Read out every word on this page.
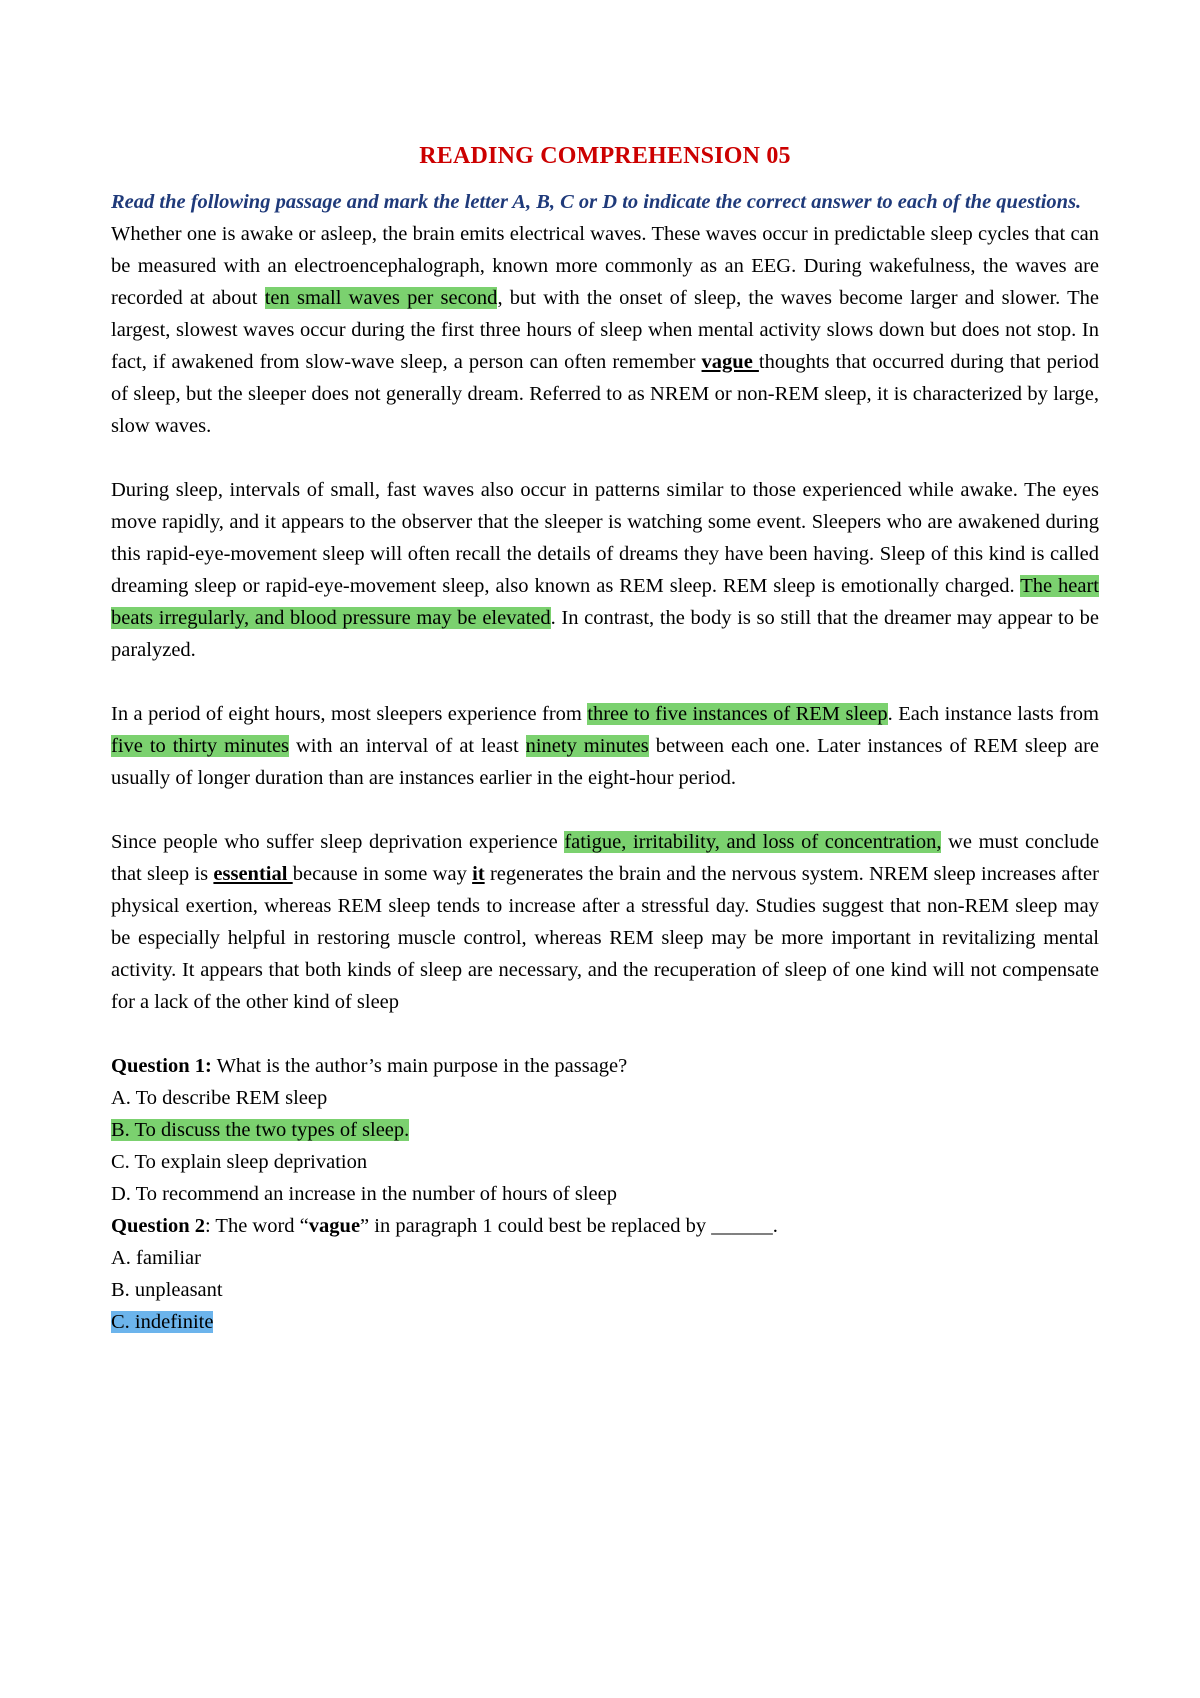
READING COMPREHENSION 05

Read the following passage and mark the letter A, B, C or D to indicate the correct answer to each of the questions.

Whether one is awake or asleep, the brain emits electrical waves. These waves occur in predictable sleep cycles that can be measured with an electroencephalograph, known more commonly as an EEG. During wakefulness, the waves are recorded at about ten small waves per second, but with the onset of sleep, the waves become larger and slower. The largest, slowest waves occur during the first three hours of sleep when mental activity slows down but does not stop. In fact, if awakened from slow-wave sleep, a person can often remember vague thoughts that occurred during that period of sleep, but the sleeper does not generally dream. Referred to as NREM or non-REM sleep, it is characterized by large, slow waves.

During sleep, intervals of small, fast waves also occur in patterns similar to those experienced while awake. The eyes move rapidly, and it appears to the observer that the sleeper is watching some event. Sleepers who are awakened during this rapid-eye-movement sleep will often recall the details of dreams they have been having. Sleep of this kind is called dreaming sleep or rapid-eye-movement sleep, also known as REM sleep. REM sleep is emotionally charged. The heart beats irregularly, and blood pressure may be elevated. In contrast, the body is so still that the dreamer may appear to be paralyzed.

In a period of eight hours, most sleepers experience from three to five instances of REM sleep. Each instance lasts from five to thirty minutes with an interval of at least ninety minutes between each one. Later instances of REM sleep are usually of longer duration than are instances earlier in the eight-hour period.

Since people who suffer sleep deprivation experience fatigue, irritability, and loss of concentration, we must conclude that sleep is essential because in some way it regenerates the brain and the nervous system. NREM sleep increases after physical exertion, whereas REM sleep tends to increase after a stressful day. Studies suggest that non-REM sleep may be especially helpful in restoring muscle control, whereas REM sleep may be more important in revitalizing mental activity. It appears that both kinds of sleep are necessary, and the recuperation of sleep of one kind will not compensate for a lack of the other kind of sleep

Question 1: What is the author’s main purpose in the passage?
A. To describe REM sleep
B. To discuss the two types of sleep.
C. To explain sleep deprivation
D. To recommend an increase in the number of hours of sleep
Question 2: The word “vague” in paragraph 1 could best be replaced by ______.
A. familiar
B. unpleasant
C. indefinite
